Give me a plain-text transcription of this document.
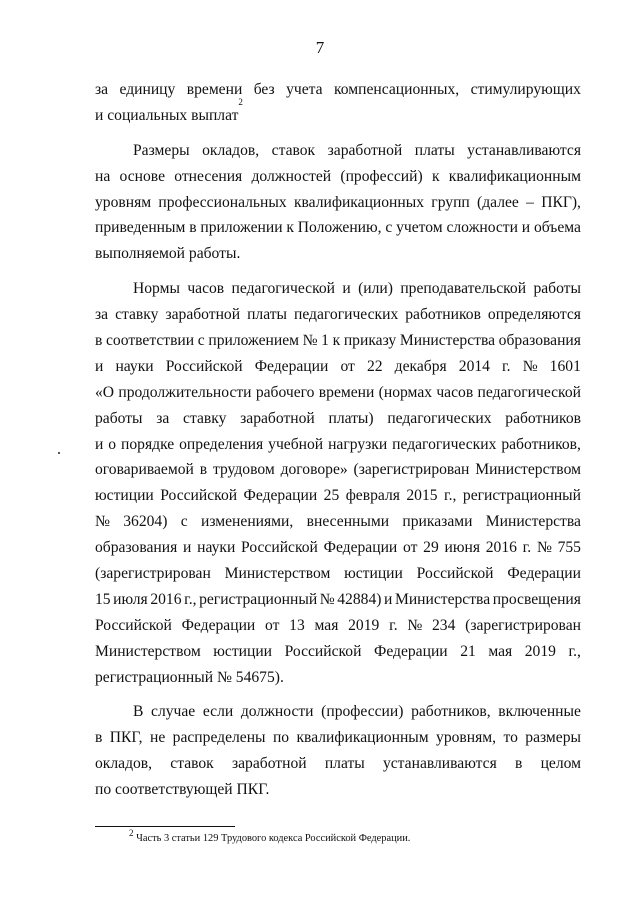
7
за единицу времени без учета компенсационных, стимулирующих
и социальных выплат
$^2$
Размеры окладов, ставок заработной платы устанавливаются
на основе отнесения должностей (профессий) к квалификационным
уровням профессиональных квалификационных групп (далее – ПКГ),
приведенным в приложении к Положению, с учетом сложности и объема
выполняемой работы.
Нормы часов педагогической и (или) преподавательской работы
за ставку заработной платы педагогических работников определяются
в соответствии с приложением № 1 к приказу Министерства образования
и науки Российской Федерации от 22 декабря 2014 г. № 1601
«О продолжительности рабочего времени (нормах часов педагогической
работы за ставку заработной платы) педагогических работников
и о порядке определения учебной нагрузки педагогических работников,
оговариваемой в трудовом договоре» (зарегистрирован Министерством
юстиции Российской Федерации 25 февраля 2015 г., регистрационный
№ 36204) с изменениями, внесенными приказами Министерства
образования и науки Российской Федерации от 29 июня 2016 г. № 755
(зарегистрирован Министерством юстиции Российской Федерации
15 июля 2016 г., регистрационный № 42884) и Министерства просвещения
Российской Федерации от 13 мая 2019 г. № 234 (зарегистрирован
Министерством юстиции Российской Федерации 21 мая 2019 г.,
регистрационный № 54675).
В случае если должности (профессии) работников, включенные
в ПКГ, не распределены по квалификационным уровням, то размеры
окладов, ставок заработной платы устанавливаются в целом
по соответствующей ПКГ.
$^2$ Часть 3 статьи 129 Трудового кодекса Российской Федерации.
